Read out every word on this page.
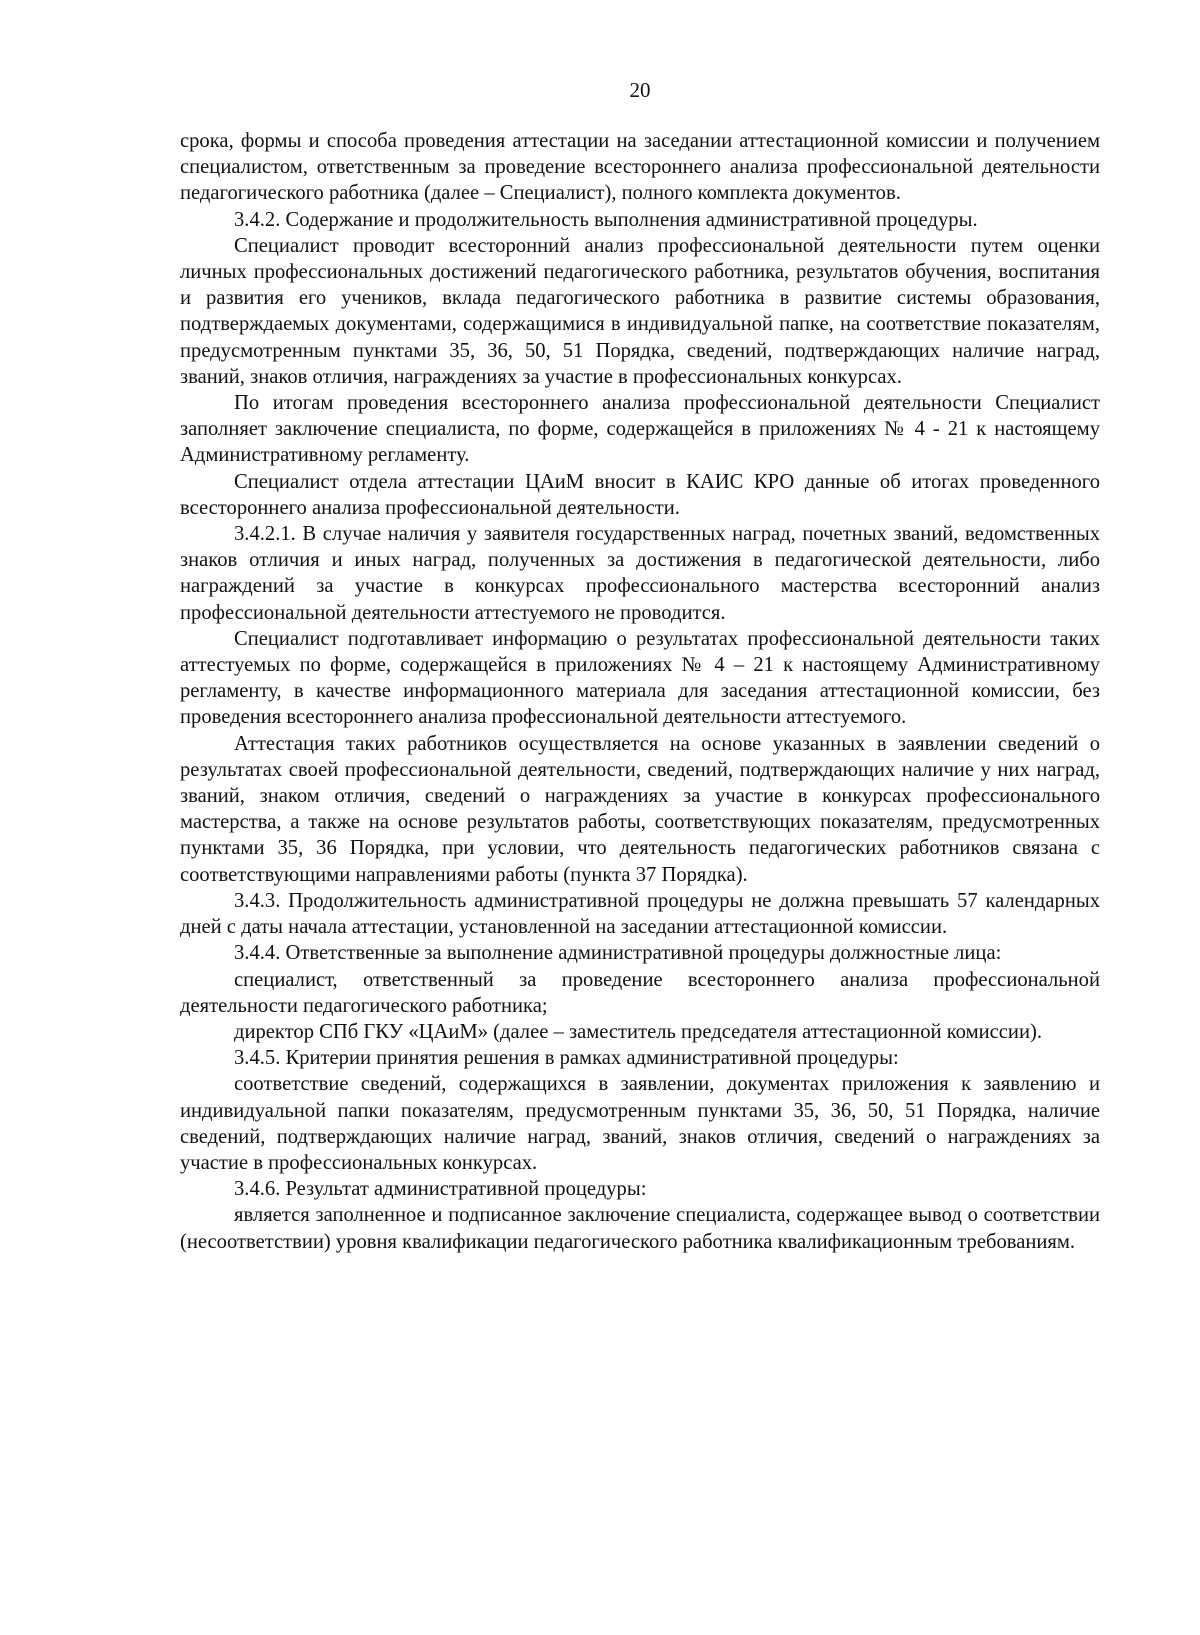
20

срока, формы и способа проведения аттестации на заседании аттестационной комиссии и получением специалистом, ответственным за проведение всестороннего анализа профессиональной деятельности педагогического работника (далее – Специалист), полного комплекта документов.

3.4.2. Содержание и продолжительность выполнения административной процедуры.

Специалист проводит всесторонний анализ профессиональной деятельности путем оценки личных профессиональных достижений педагогического работника, результатов обучения, воспитания и развития его учеников, вклада педагогического работника в развитие системы образования, подтверждаемых документами, содержащимися в индивидуальной папке, на соответствие показателям, предусмотренным пунктами 35, 36, 50, 51 Порядка, сведений, подтверждающих наличие наград, званий, знаков отличия, награждениях за участие в профессиональных конкурсах.

По итогам проведения всестороннего анализа профессиональной деятельности Специалист заполняет заключение специалиста, по форме, содержащейся в приложениях № 4 - 21 к настоящему Административному регламенту.

Специалист отдела аттестации ЦАиМ вносит в КАИС КРО данные об итогах проведенного всестороннего анализа профессиональной деятельности.

3.4.2.1. В случае наличия у заявителя государственных наград, почетных званий, ведомственных знаков отличия и иных наград, полученных за достижения в педагогической деятельности, либо награждений за участие в конкурсах профессионального мастерства всесторонний анализ профессиональной деятельности аттестуемого не проводится.

Специалист подготавливает информацию о результатах профессиональной деятельности таких аттестуемых по форме, содержащейся в приложениях № 4 – 21 к настоящему Административному регламенту, в качестве информационного материала для заседания аттестационной комиссии, без проведения всестороннего анализа профессиональной деятельности аттестуемого.

Аттестация таких работников осуществляется на основе указанных в заявлении сведений о результатах своей профессиональной деятельности, сведений, подтверждающих наличие у них наград, званий, знаком отличия, сведений о награждениях за участие в конкурсах профессионального мастерства, а также на основе результатов работы, соответствующих показателям, предусмотренных пунктами 35, 36 Порядка, при условии, что деятельность педагогических работников связана с соответствующими направлениями работы (пункта 37 Порядка).

3.4.3. Продолжительность административной процедуры не должна превышать 57 календарных дней с даты начала аттестации, установленной на заседании аттестационной комиссии.

3.4.4. Ответственные за выполнение административной процедуры должностные лица:

специалист, ответственный за проведение всестороннего анализа профессиональной деятельности педагогического работника;

директор СПб ГКУ «ЦАиМ» (далее – заместитель председателя аттестационной комиссии).

3.4.5. Критерии принятия решения в рамках административной процедуры:

соответствие сведений, содержащихся в заявлении, документах приложения к заявлению и индивидуальной папки показателям, предусмотренным пунктами 35, 36, 50, 51 Порядка, наличие сведений, подтверждающих наличие наград, званий, знаков отличия, сведений о награждениях за участие в профессиональных конкурсах.

3.4.6. Результат административной процедуры:

является заполненное и подписанное заключение специалиста, содержащее вывод о соответствии (несоответствии) уровня квалификации педагогического работника квалификационным требованиям.
